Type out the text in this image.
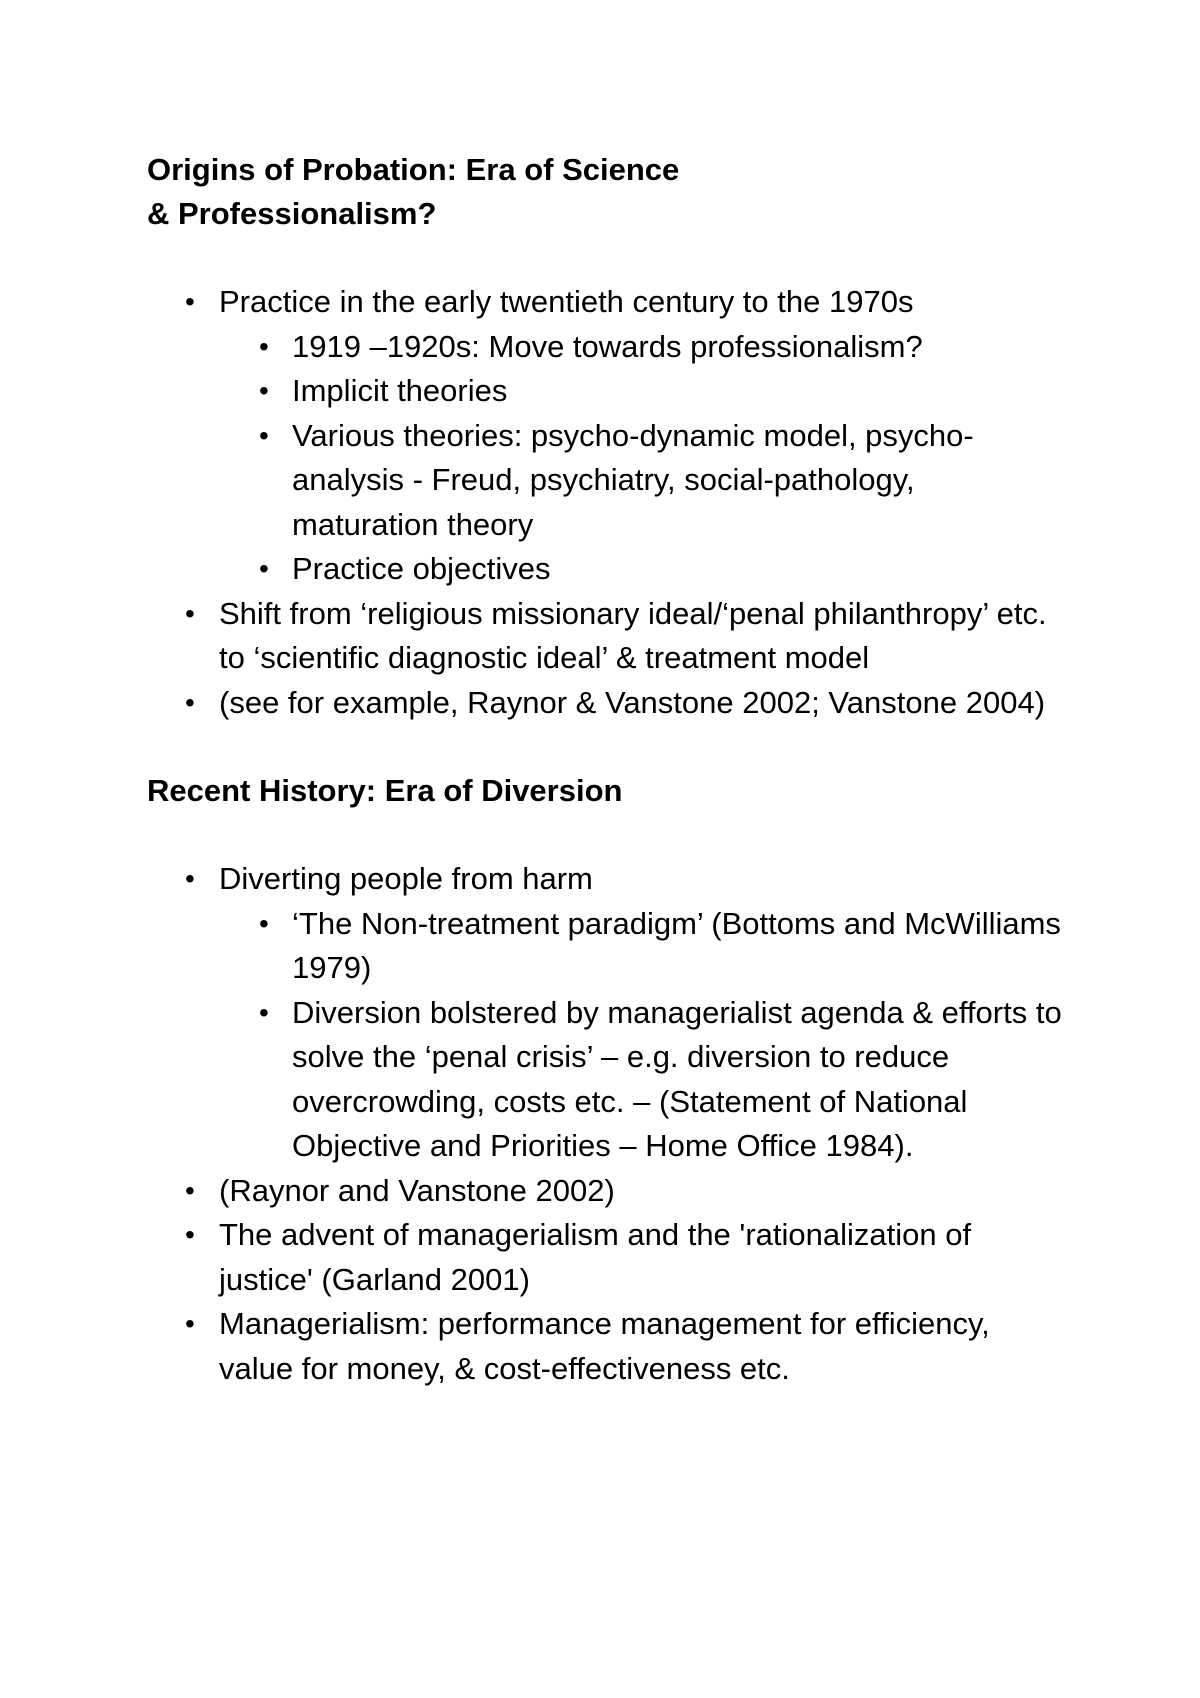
Origins of Probation: Era of Science
& Professionalism?
• Practice in the early twentieth century to the 1970s
• 1919 –1920s: Move towards professionalism?
• Implicit theories
• Various theories: psycho-dynamic model, psycho-analysis - Freud, psychiatry, social-pathology, maturation theory
• Practice objectives
• Shift from ‘religious missionary ideal/‘penal philanthropy’ etc. to ‘scientific diagnostic ideal’ & treatment model
• (see for example, Raynor & Vanstone 2002; Vanstone 2004)
Recent History: Era of Diversion
• Diverting people from harm
• ‘The Non-treatment paradigm’ (Bottoms and McWilliams 1979)
• Diversion bolstered by managerialist agenda & efforts to solve the ‘penal crisis’ – e.g. diversion to reduce overcrowding, costs etc. – (Statement of National Objective and Priorities – Home Office 1984).
• (Raynor and Vanstone 2002)
• The advent of managerialism and the 'rationalization of justice' (Garland 2001)
• Managerialism: performance management for efficiency, value for money, & cost-effectiveness etc.
